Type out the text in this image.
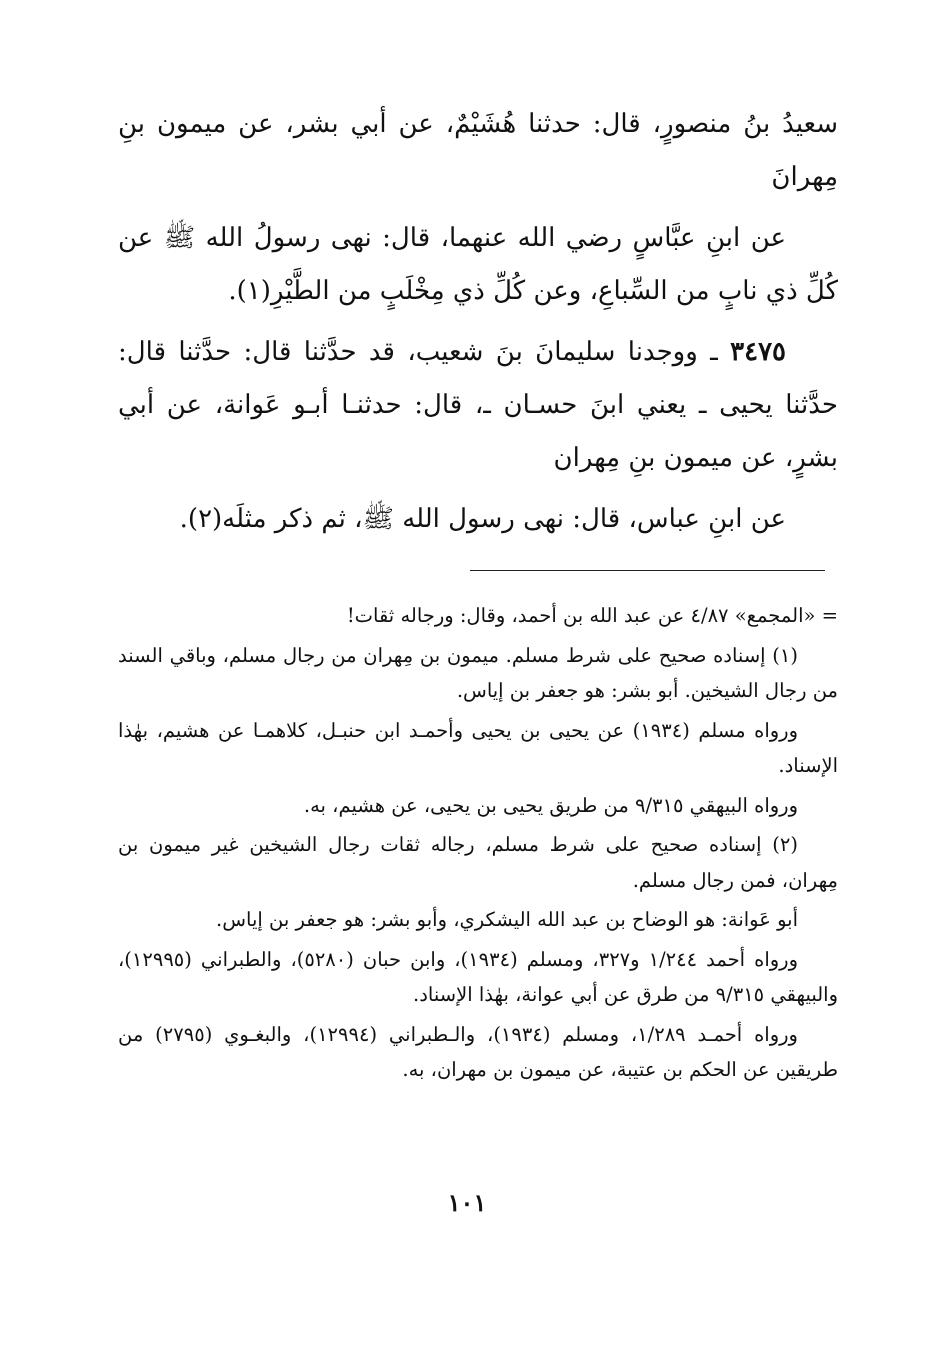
سعيدُ بنُ منصورٍ، قال: حدثنا هُشَيْمٌ، عن أبي بشر، عن ميمون بنِ مِهرانَ

عن ابنِ عبَّاسٍ رضي الله عنهما، قال: نهى رسولُ الله ﷺ عن كُلِّ ذي نابٍ من السِّباعِ، وعن كُلِّ ذي مِخْلَبٍ من الطَّيْرِ(١).

٣٤٧٥ ـ ووجدنا سليمانَ بنَ شعيب، قد حدَّثنا قال: حدَّثنا قال: حدَّثنا يحيى ـ يعني ابنَ حسـان ـ، قال: حدثنـا أبـو عَوانة، عن أبي بشرٍ، عن ميمون بنِ مِهران

عن ابنِ عباس، قال: نهى رسول الله ﷺ، ثم ذكر مثلَه(٢).

= «المجمع» ٤/٨٧ عن عبد الله بن أحمد، وقال: ورجاله ثقات!

(١) إسناده صحيح على شرط مسلم. ميمون بن مِهران من رجال مسلم، وباقي السند من رجال الشيخين. أبو بشر: هو جعفر بن إياس.

ورواه مسلم (١٩٣٤) عن يحيى بن يحيى وأحمـد ابن حنبـل، كلاهمـا عن هشيم، بهٰذا الإسناد.

ورواه البيهقي ٩/٣١٥ من طريق يحيى بن يحيى، عن هشيم، به.

(٢) إسناده صحيح على شرط مسلم، رجاله ثقات رجال الشيخين غير ميمون بن مِهران، فمن رجال مسلم.

أبو عَوانة: هو الوضاح بن عبد الله اليشكري، وأبو بشر: هو جعفر بن إياس.

ورواه أحمد ١/٢٤٤ و٣٢٧، ومسلم (١٩٣٤)، وابن حبان (٥٢٨٠)، والطبراني (١٢٩٩٥)، والبيهقي ٩/٣١٥ من طرق عن أبي عوانة، بهٰذا الإسناد.

ورواه أحمـد ١/٢٨٩، ومسلم (١٩٣٤)، والـطبراني (١٢٩٩٤)، والبغـوي (٢٧٩٥) من طريقين عن الحكم بن عتيبة، عن ميمون بن مهران، به.

١٠١
